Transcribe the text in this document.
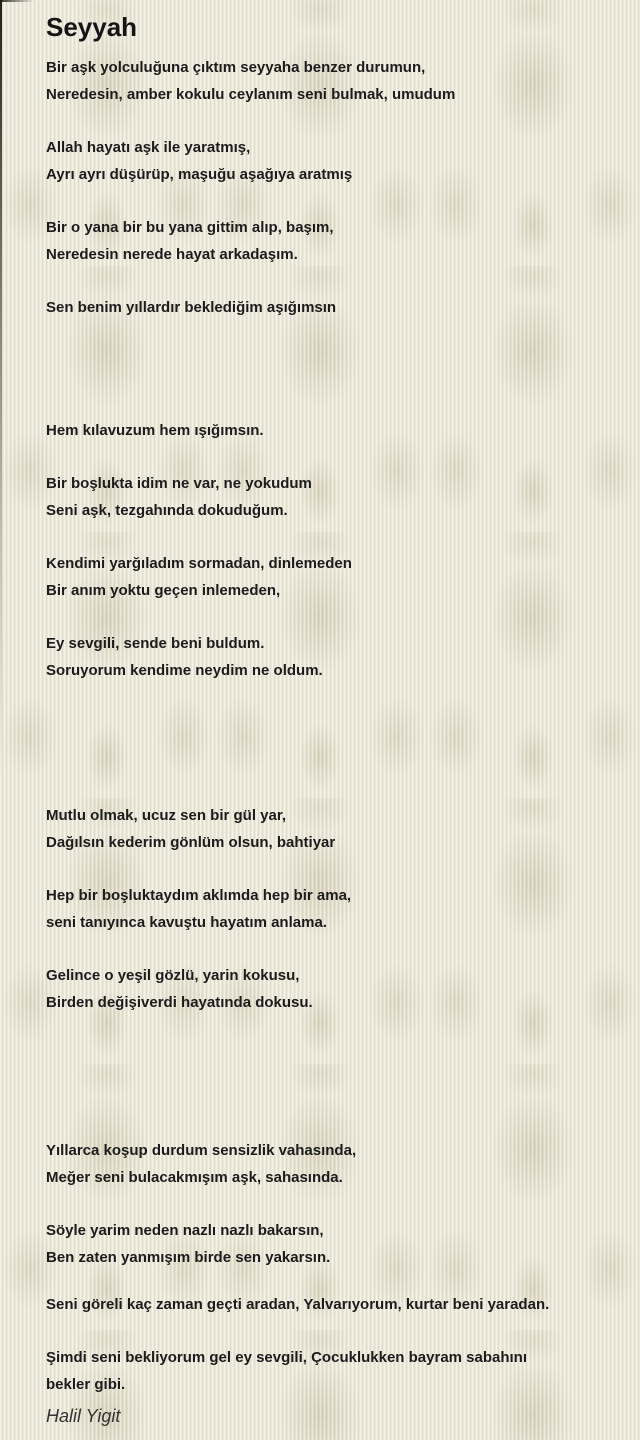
Seyyah

Bir aşk yolculuğuna çıktım seyyaha benzer durumun,

Neredesin, amber kokulu ceylanım seni bulmak, umudum

Allah hayatı aşk ile yaratmış,

Ayrı ayrı düşürüp, maşuğu aşağıya aratmış

Bir o yana bir bu yana gittim alıp, başım,

Neredesin nerede hayat arkadaşım.

Sen benim yıllardır beklediğim aşığımsın

Hem kılavuzum hem ışığımsın.

Bir boşlukta idim ne var, ne yokudum

Seni aşk, tezgahında dokuduğum.

Kendimi yarğıladım sormadan, dinlemeden

Bir anım yoktu geçen inlemeden,

Ey sevgili, sende beni buldum.

Soruyorum kendime neydim ne oldum.

Mutlu olmak, ucuz sen bir gül yar,

Dağılsın kederim gönlüm olsun, bahtiyar

Hep bir boşluktaydım aklımda hep bir ama,

seni tanıyınca kavuştu hayatım anlama.

Gelince o yeşil gözlü, yarin kokusu,

Birden değişiverdi hayatında dokusu.

Yıllarca koşup durdum sensizlik vahasında,

Meğer seni bulacakmışım aşk, sahasında.

Söyle yarim neden nazlı nazlı bakarsın,

Ben zaten yanmışım birde sen yakarsın.

Seni göreli kaç zaman geçti aradan, Yalvarıyorum, kurtar beni yaradan.

Şimdi seni bekliyorum gel ey sevgili, Çocuklukken bayram sabahını

bekler gibi.

Halil Yigit
